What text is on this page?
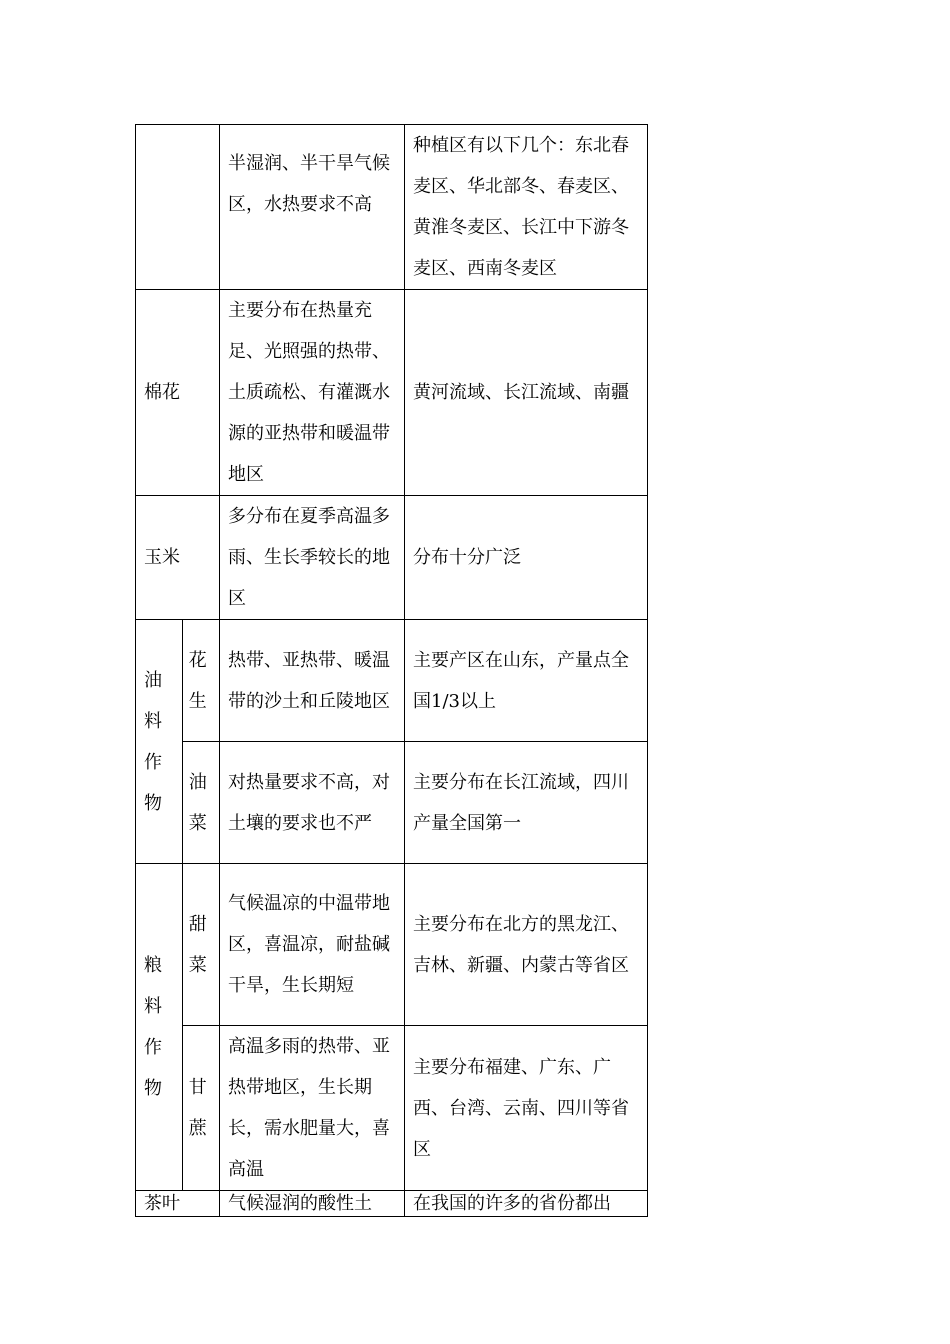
		半湿润、半干旱气候区，水热要求不高	种植区有以下几个：东北春麦区、华北部冬、春麦区、黄淮冬麦区、长江中下游冬麦区、西南冬麦区
棉花		主要分布在热量充足、光照强的热带、土质疏松、有灌溉水源的亚热带和暖温带地区	黄河流域、长江流域、南疆
玉米		多分布在夏季高温多雨、生长季较长的地区	分布十分广泛

油料作物	花生	热带、亚热带、暖温带的沙土和丘陵地区	主要产区在山东，产量点全国1/3以上

	油菜	对热量要求不高，对土壤的要求也不严	主要分布在长江流域，四川产量全国第一

粮料作物	甜菜	气候温凉的中温带地区，喜温凉，耐盐碱干旱，生长期短	主要分布在北方的黑龙江、吉林、新疆、内蒙古等省区

	甘蔗	高温多雨的热带、亚热带地区，生长期长，需水肥量大，喜高温	主要分布福建、广东、广西、台湾、云南、四川等省区
茶叶		气候湿润的酸性土	在我国的许多的省份都出
